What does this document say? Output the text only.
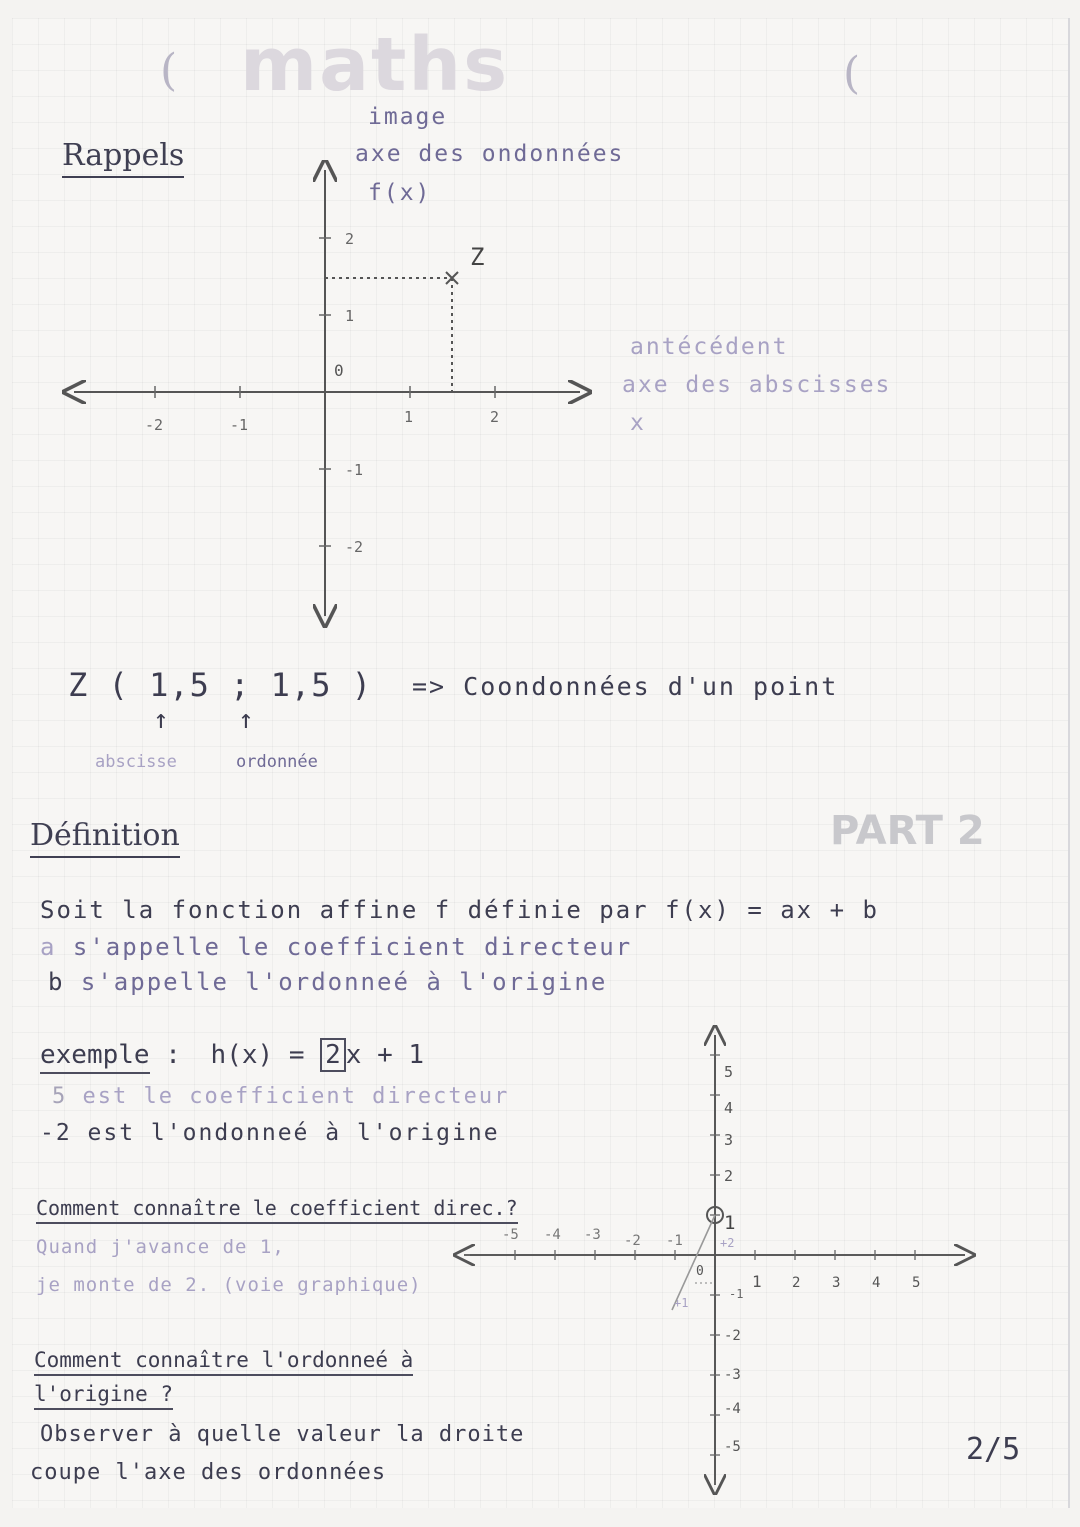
( maths	(
Rappels
image
axe des ondonnées
f(x)
antécédent
axe des abscisses
x
-2	-1	1	2
2
1
-1
-2
0
Z
Z ( 1,5 ; 1,5 ) => Coondonnées d'un point
↑	↑
abscisse	ordonnée
Définition	PART 2
Soit la fonction affine f définie par f(x) = ax + b
a s'appelle le coefficient directeur
b s'appelle l'ordonneé à l'origine
exemple : h(x) = 2 x + 1
5 est le coefficient directeur
-2 est l'ondonneé à l'origine
Comment connaître le coefficient direc.?
Quand j'avance de 1,
je monte de 2. (voie graphique)
Comment connaître l'ordonneé à
l'origine ?
Observer à quelle valeur la droite
coupe l'axe des ordonnées
-5 -4 -3 -2 -1
1 2 3 4 5
5
4
3
2
1
-1
-2
-3
-4
-5
0
+2
+1
2/5
